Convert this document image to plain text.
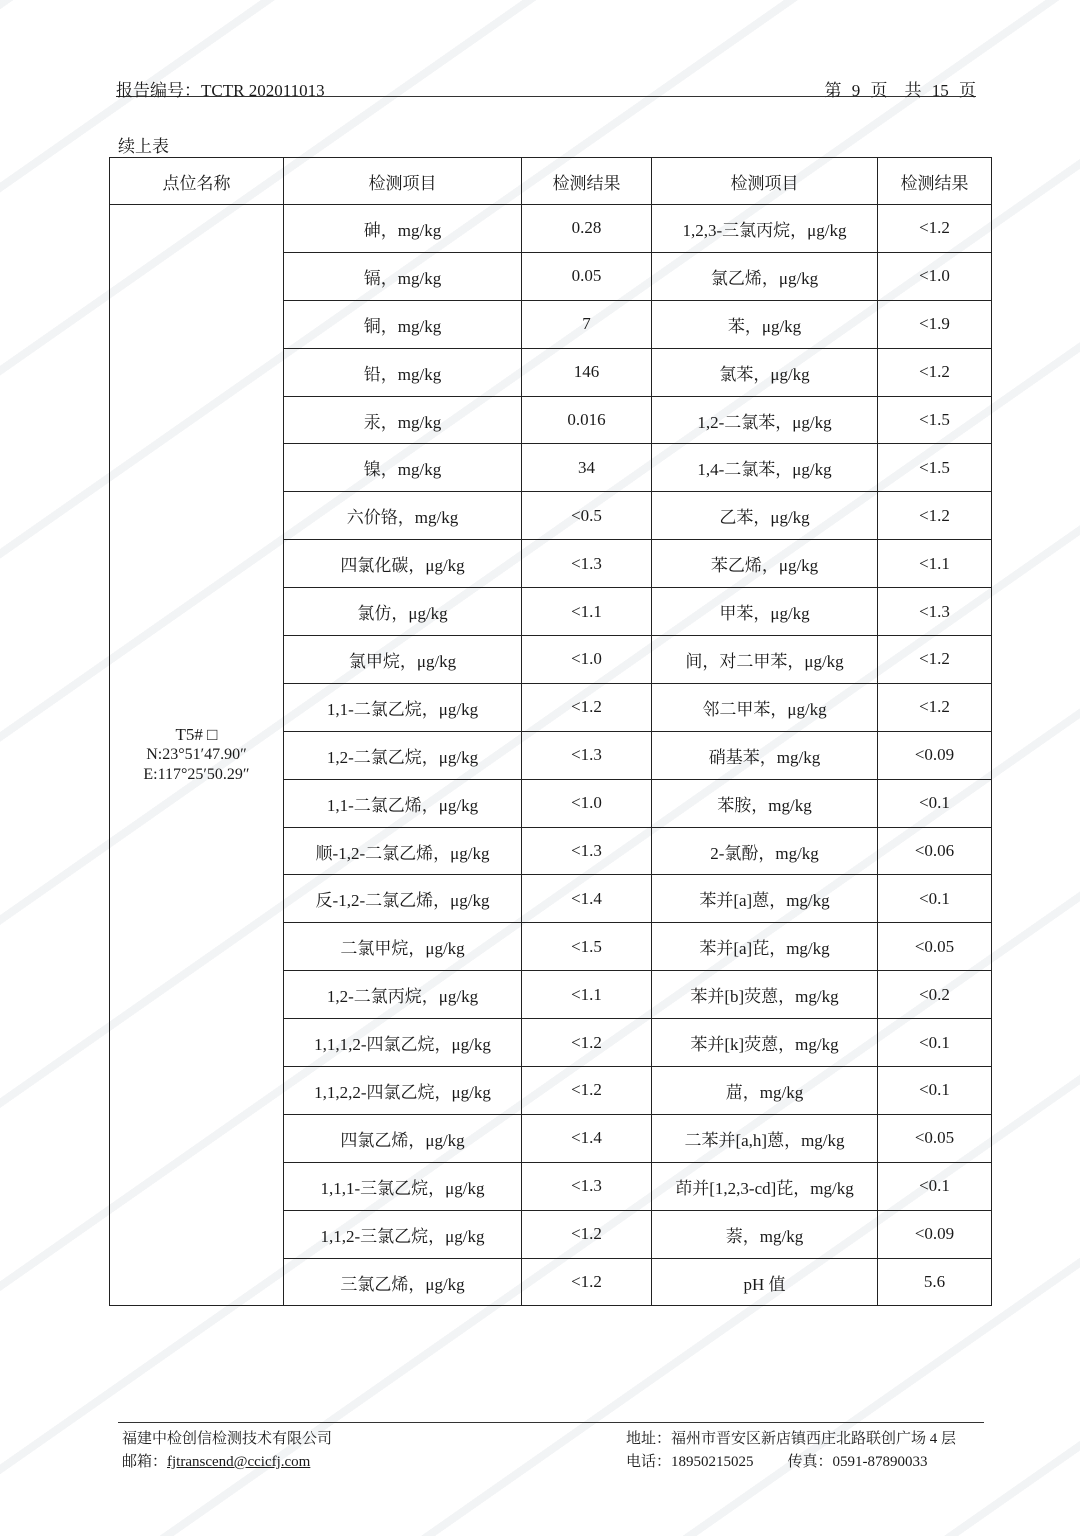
报告编号：TCTR 202011013	第 9 页　共 15 页
续上表
点位名称	检测项目	检测结果	检测项目	检测结果

T5# □
N:23°51′47.90″
E:117°25′50.29″	砷，mg/kg	0.28	1,2,3-三氯丙烷，μg/kg	<1.2
	镉，mg/kg	0.05	氯乙烯，μg/kg	<1.0
	铜，mg/kg	7	苯，μg/kg	<1.9
	铅，mg/kg	146	氯苯，μg/kg	<1.2
	汞，mg/kg	0.016	1,2-二氯苯，μg/kg	<1.5
	镍，mg/kg	34	1,4-二氯苯，μg/kg	<1.5
	六价铬，mg/kg	<0.5	乙苯，μg/kg	<1.2
	四氯化碳，μg/kg	<1.3	苯乙烯，μg/kg	<1.1
	氯仿，μg/kg	<1.1	甲苯，μg/kg	<1.3
	氯甲烷，μg/kg	<1.0	间，对二甲苯，μg/kg	<1.2
	1,1-二氯乙烷，μg/kg	<1.2	邻二甲苯，μg/kg	<1.2
	1,2-二氯乙烷，μg/kg	<1.3	硝基苯，mg/kg	<0.09
	1,1-二氯乙烯，μg/kg	<1.0	苯胺，mg/kg	<0.1
	顺-1,2-二氯乙烯，μg/kg	<1.3	2-氯酚，mg/kg	<0.06
	反-1,2-二氯乙烯，μg/kg	<1.4	苯并[a]蒽，mg/kg	<0.1
	二氯甲烷，μg/kg	<1.5	苯并[a]芘，mg/kg	<0.05
	1,2-二氯丙烷，μg/kg	<1.1	苯并[b]荧蒽，mg/kg	<0.2
	1,1,1,2-四氯乙烷，μg/kg	<1.2	苯并[k]荧蒽，mg/kg	<0.1
	1,1,2,2-四氯乙烷，μg/kg	<1.2	䓛，mg/kg	<0.1
	四氯乙烯，μg/kg	<1.4	二苯并[a,h]蒽，mg/kg	<0.05
	1,1,1-三氯乙烷，μg/kg	<1.3	茚并[1,2,3-cd]芘，mg/kg	<0.1
	1,1,2-三氯乙烷，μg/kg	<1.2	萘，mg/kg	<0.09
	三氯乙烯，μg/kg	<1.2	pH 值	5.6
福建中检创信检测技术有限公司
邮箱：fjtranscend@ccicfj.com
地址：福州市晋安区新店镇西庄北路联创广场 4 层
电话：18950215025 传真：0591-87890033
